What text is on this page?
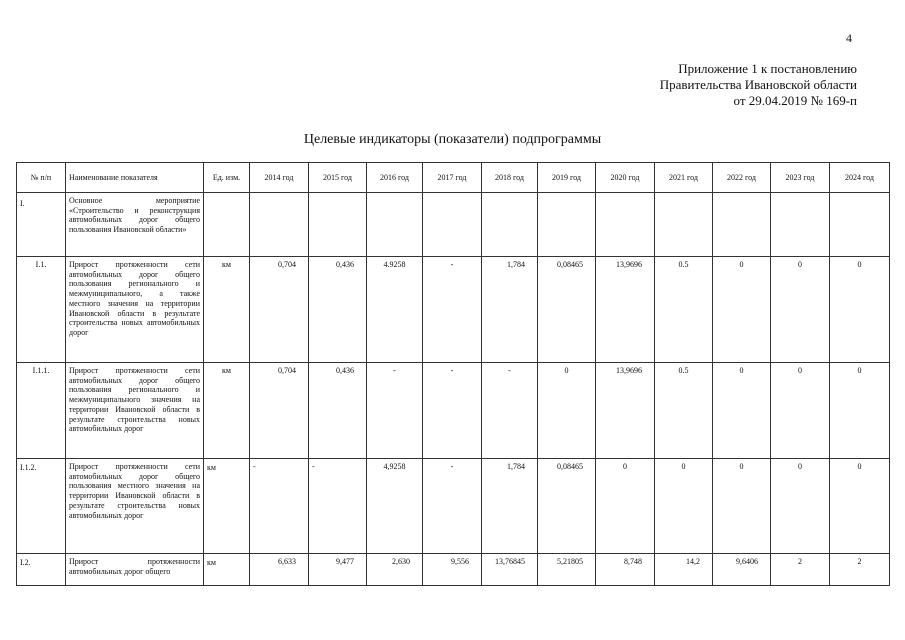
4
Приложение 1 к постановлению
Правительства Ивановской области
от 29.04.2019 № 169-п
Целевые индикаторы (показатели) подпрограммы
№ п/п	Наименование показателя	Ед. изм.	2014 год	2015 год	2016 год	2017 год	2018 год	2019 год	2020 год	2021 год	2022 год	2023 год	2024 год
I.	Основное мероприятие «Строительство и реконструкция автомобильных дорог общего пользования Ивановской области»												
I.1.	Прирост протяженности сети автомобильных дорог общего пользования регионального и межмуниципального, а также местного значения на территории Ивановской области в результате строительства новых автомобильных дорог	км	0,704	0,436	4.9258	-	1,784	0,08465	13,9696	0.5	0	0	0
I.1.1.	Прирост протяженности сети автомобильных дорог общего пользования регионального и межмуниципального значения на территории Ивановской области в результате строительства новых автомобильных дорог	км	0,704	0,436	-	-	-	0	13,9696	0.5	0	0	0
I.1.2.	Прирост протяженности сети автомобильных дорог общего пользования местного значения на территории Ивановской области в результате строительства новых автомобильных дорог	км	-	-	4,9258	-	1,784	0,08465	0	0	0	0	0
I.2.	Прирост протяженности автомобильных дорог общего	км	6,633	9,477	2,630	9,556	13,76845	5,21805	8,748	14,2	9,6406	2	2
